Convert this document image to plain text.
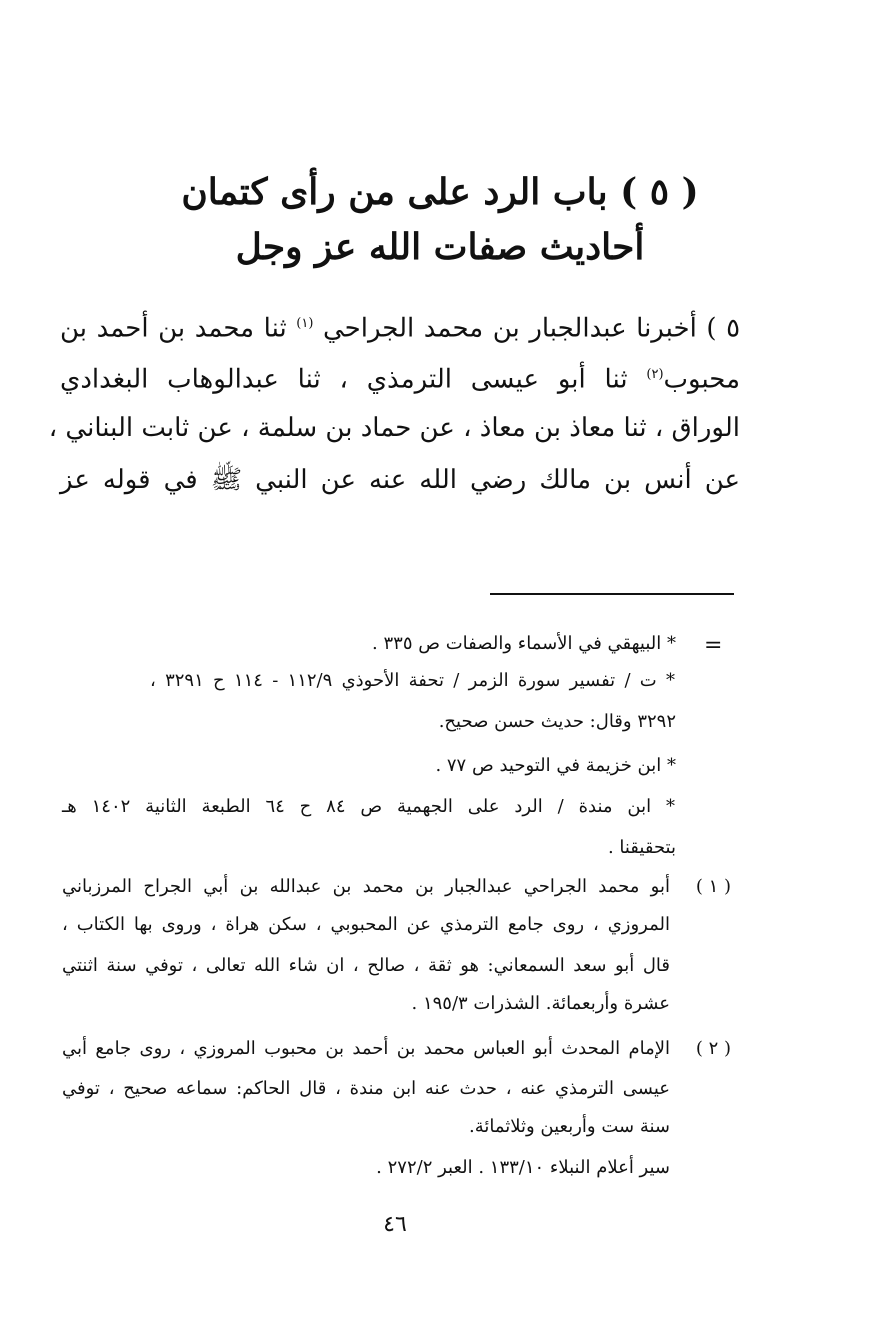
( ٥ ) باب الرد على من رأى كتمان
أحاديث صفات الله عز وجل
٥ ) أخبرنا عبدالجبار بن محمد الجراحي $^{(١)}$ ثنا محمد بن أحمد بن
محبوب$^{(٢)}$ ثنا أبو عيسى الترمذي ، ثنا عبدالوهاب البغدادي
الوراق ، ثنا معاذ بن معاذ ، عن حماد بن سلمة ، عن ثابت البناني ،
عن أنس بن مالك رضي الله عنه عن النبي ﷺ في قوله عز
=
* البيهقي في الأسماء والصفات ص ٣٣٥ .
* ت / تفسير سورة الزمر / تحفة الأحوذي ١١٢/٩ - ١١٤ ح ٣٢٩١ ،
٣٢٩٢ وقال: حديث حسن صحيح.
* ابن خزيمة في التوحيد ص ٧٧ .
* ابن مندة / الرد على الجهمية ص ٨٤ ح ٦٤ الطبعة الثانية ١٤٠٢ هـ
بتحقيقنا .
( ١ )
أبو محمد الجراحي عبدالجبار بن محمد بن عبدالله بن أبي الجراح المرزباني
المروزي ، روى جامع الترمذي عن المحبوبي ، سكن هراة ، وروى بها الكتاب ،
قال أبو سعد السمعاني: هو ثقة ، صالح ، ان شاء الله تعالى ، توفي سنة اثنتي
عشرة وأربعمائة. الشذرات ١٩٥/٣ .
( ٢ )
الإمام المحدث أبو العباس محمد بن أحمد بن محبوب المروزي ، روى جامع أبي
عيسى الترمذي عنه ، حدث عنه ابن مندة ، قال الحاكم: سماعه صحيح ، توفي
سنة ست وأربعين وثلاثمائة.
سير أعلام النبلاء ١٣٣/١٠ . العبر ٢٧٢/٢ .
٤٦
